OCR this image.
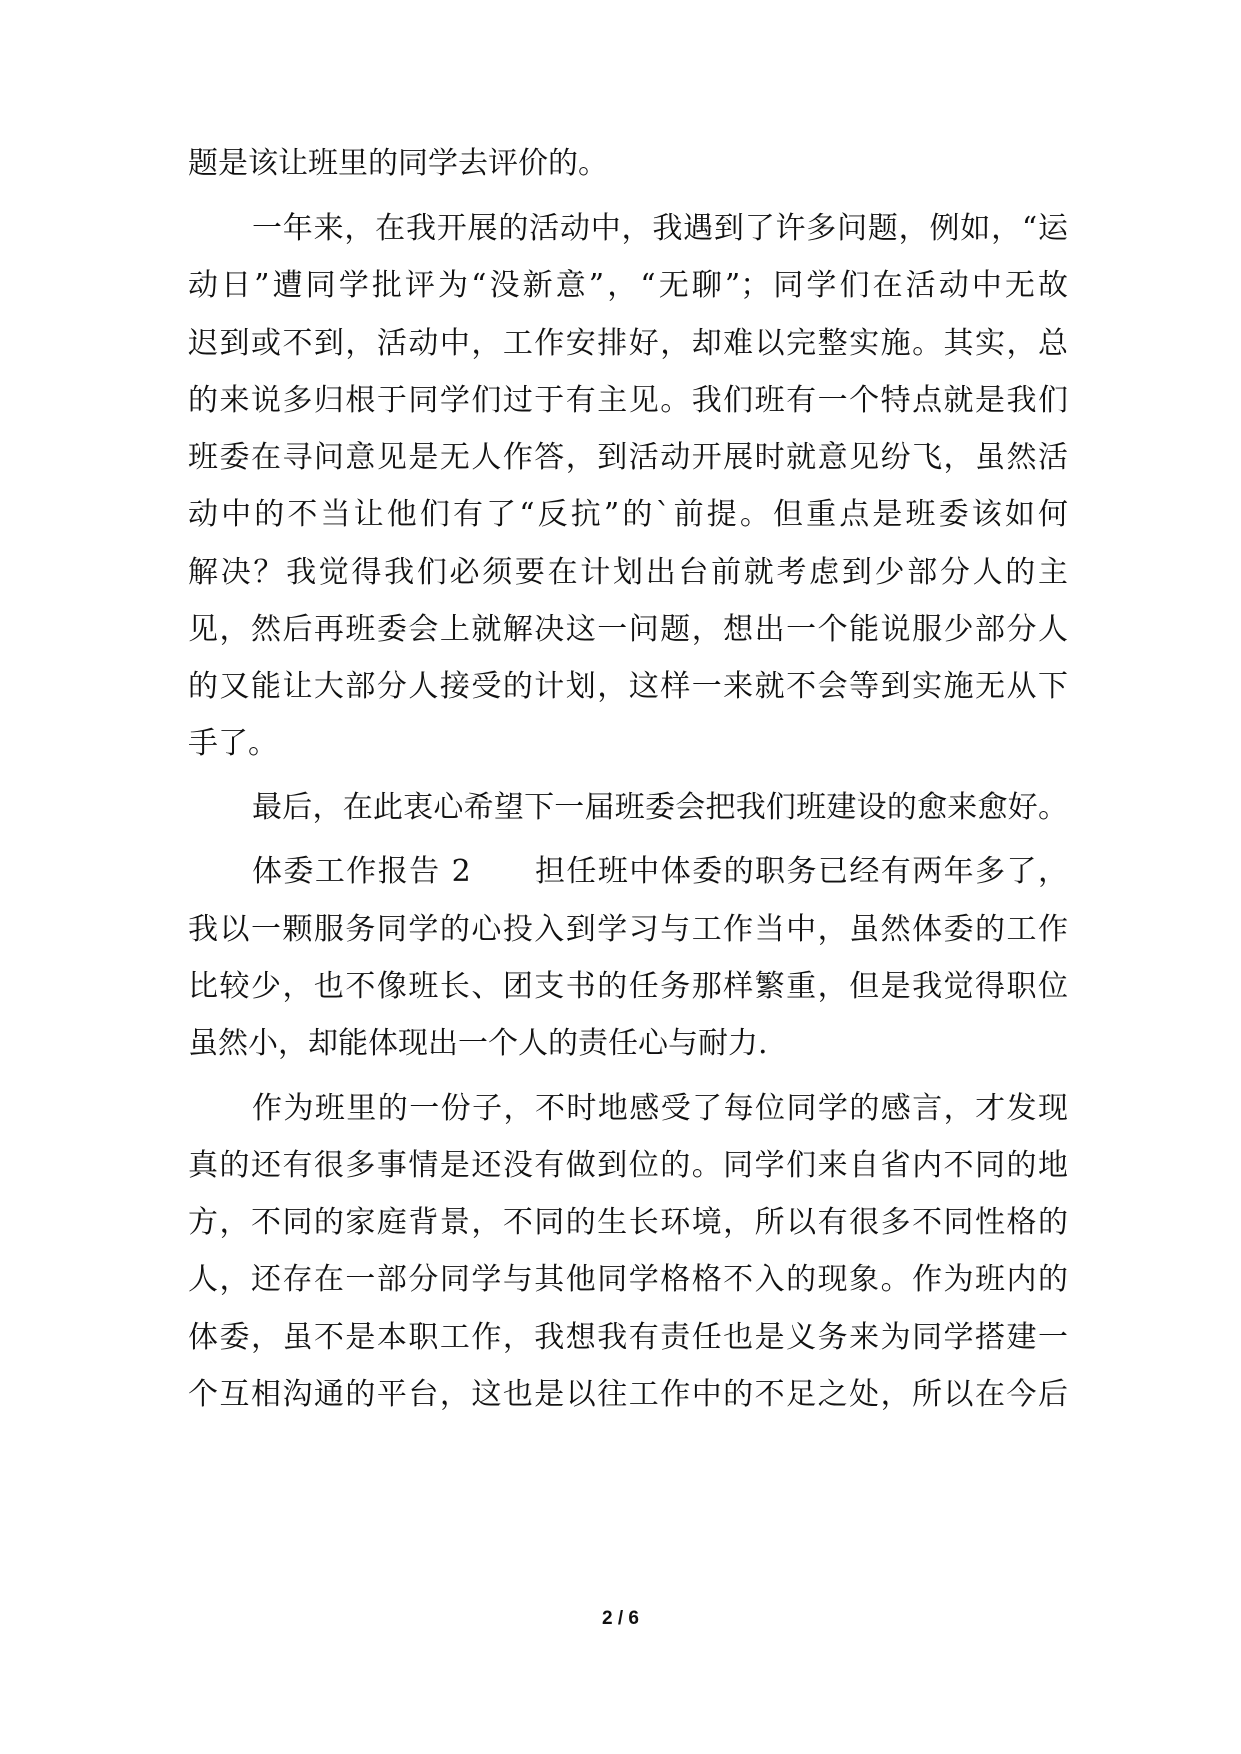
题是该让班里的同学去评价的。
一年来，在我开展的活动中，我遇到了许多问题，例如，“运
动日”遭同学批评为“没新意”，“无聊”；同学们在活动中无故
迟到或不到，活动中，工作安排好，却难以完整实施。其实，总
的来说多归根于同学们过于有主见。我们班有一个特点就是我们
班委在寻问意见是无人作答，到活动开展时就意见纷飞，虽然活
动中的不当让他们有了“反抗”的`前提。但重点是班委该如何
解决？我觉得我们必须要在计划出台前就考虑到少部分人的主
见，然后再班委会上就解决这一问题，想出一个能说服少部分人
的又能让大部分人接受的计划，这样一来就不会等到实施无从下
手了。
最后，在此衷心希望下一届班委会把我们班建设的愈来愈好。
体委工作报告 2　　担任班中体委的职务已经有两年多了，
我以一颗服务同学的心投入到学习与工作当中，虽然体委的工作
比较少，也不像班长、团支书的任务那样繁重，但是我觉得职位
虽然小，却能体现出一个人的责任心与耐力.
作为班里的一份子，不时地感受了每位同学的感言，才发现
真的还有很多事情是还没有做到位的。同学们来自省内不同的地
方，不同的家庭背景，不同的生长环境，所以有很多不同性格的
人，还存在一部分同学与其他同学格格不入的现象。作为班内的
体委，虽不是本职工作，我想我有责任也是义务来为同学搭建一
个互相沟通的平台，这也是以往工作中的不足之处，所以在今后
2 / 6
